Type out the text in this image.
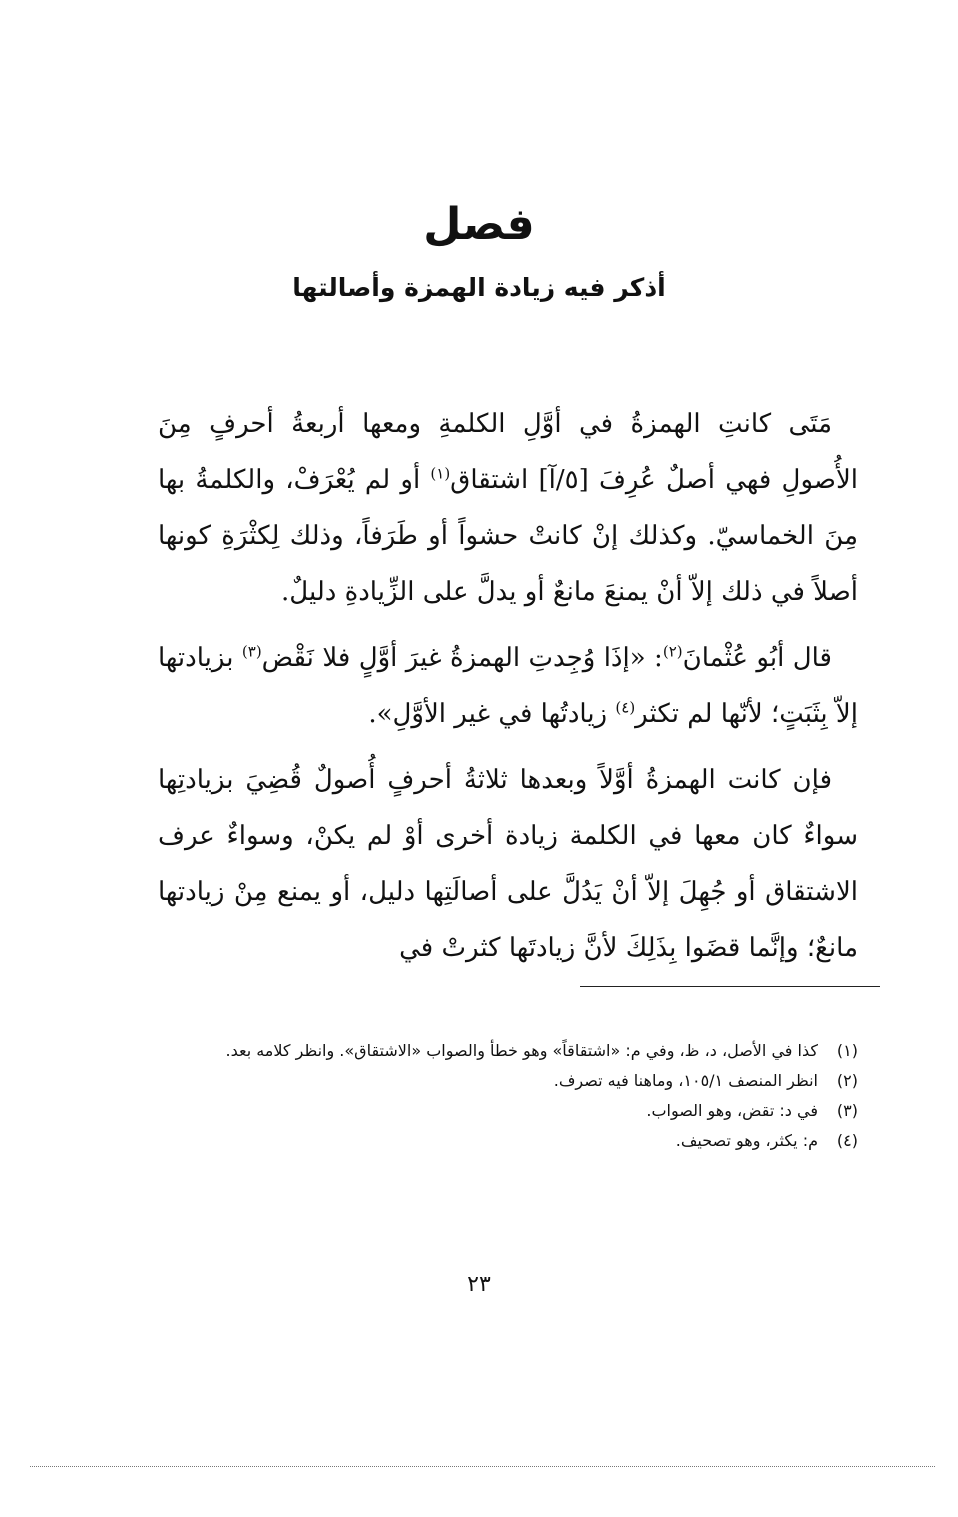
فصل
أذكر فيه زيادة الهمزة وأصالتها

مَتَى كانتِ الهمزةُ في أوَّلِ الكلمةِ ومعها أربعةُ أحرفٍ مِنَ الأُصولِ فهي أصلٌ عُرِفَ [٥/آ] اشتقاق$^{(١)}$ أو لم يُعْرَفْ، والكلمةُ بها مِنَ الخماسيّ. وكذلك إنْ كانتْ حشواً أو طَرَفاً، وذلك لِكثْرَةِ كونها أصلاً في ذلك إلاّ أنْ يمنعَ مانعٌ أو يدلَّ على الزِّيادةِ دليلٌ.

قال أبُو عُثْمانَ$^{(٢)}$: «إذَا وُجِدتِ الهمزةُ غيرَ أوَّلٍ فلا نَقْض$^{(٣)}$ بزيادتها إلاّ بِثَبَتٍ؛ لأنّها لم تكثر$^{(٤)}$ زيادتُها في غير الأوَّلِ».

فإن كانت الهمزةُ أوَّلاً وبعدها ثلاثةُ أحرفٍ أُصولٌ قُضِيَ بزيادتِها سواءٌ كان معها في الكلمة زيادة أخرى أوْ لم يكنْ، وسواءٌ عرف الاشتقاق أو جُهِلَ إلاّ أنْ يَدُلَّ على أصالَتِها دليل، أو يمنع مِنْ زيادتها مانعٌ؛ وإنَّما قضَوا بِذَلِكَ لأنَّ زيادتَها كثرتْ في

(١)
كذا في الأصل، د، ظ، وفي م: «اشتقاقاً» وهو خطأ والصواب «الاشتقاق». وانظر كلامه بعد.
(٢)
انظر المنصف ١٠٥/١، وماهنا فيه تصرف.
(٣)
في د: تقض، وهو الصواب.
(٤)
م: يكثر، وهو تصحيف.
٢٣
